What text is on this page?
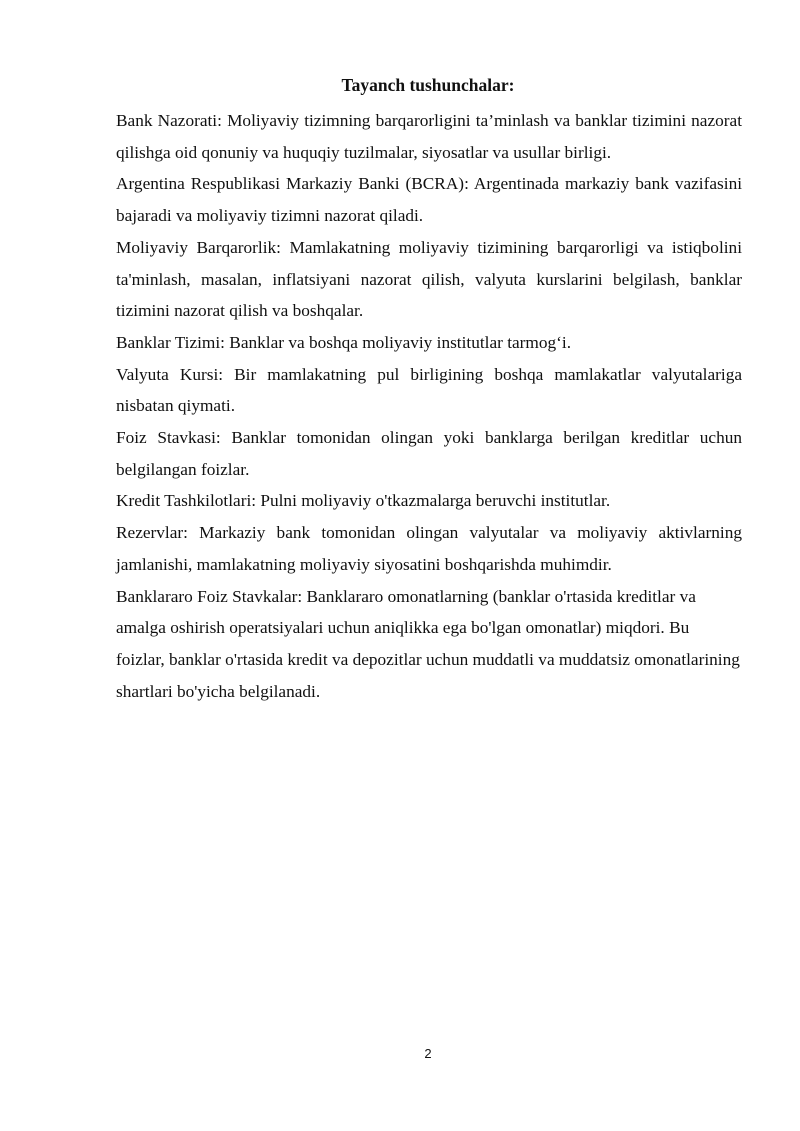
Tayanch tushunchalar:

Bank Nazorati: Moliyaviy tizimning barqarorligini ta’minlash va banklar tizimini nazorat qilishga oid qonuniy va huquqiy tuzilmalar, siyosatlar va usullar birligi.

Argentina Respublikasi Markaziy Banki (BCRA): Argentinada markaziy bank vazifasini bajaradi va moliyaviy tizimni nazorat qiladi.

Moliyaviy Barqarorlik: Mamlakatning moliyaviy tizimining barqarorligi va istiqbolini ta'minlash, masalan, inflatsiyani nazorat qilish, valyuta kurslarini belgilash, banklar tizimini nazorat qilish va boshqalar.

Banklar Tizimi: Banklar va boshqa moliyaviy institutlar tarmog‘i.

Valyuta Kursi: Bir mamlakatning pul birligining boshqa mamlakatlar valyutalariga nisbatan qiymati.

Foiz Stavkasi: Banklar tomonidan olingan yoki banklarga berilgan kreditlar uchun belgilangan foizlar.

Kredit Tashkilotlari: Pulni moliyaviy o'tkazmalarga beruvchi institutlar.

Rezervlar: Markaziy bank tomonidan olingan valyutalar va moliyaviy aktivlarning jamlanishi, mamlakatning moliyaviy siyosatini boshqarishda muhimdir.

Banklararo Foiz Stavkalar: Banklararo omonatlarning (banklar o'rtasida kreditlar va amalga oshirish operatsiyalari uchun aniqlikka ega bo'lgan omonatlar) miqdori. Bu foizlar, banklar o'rtasida kredit va depozitlar uchun muddatli va muddatsiz omonatlarining shartlari bo'yicha belgilanadi.

2
